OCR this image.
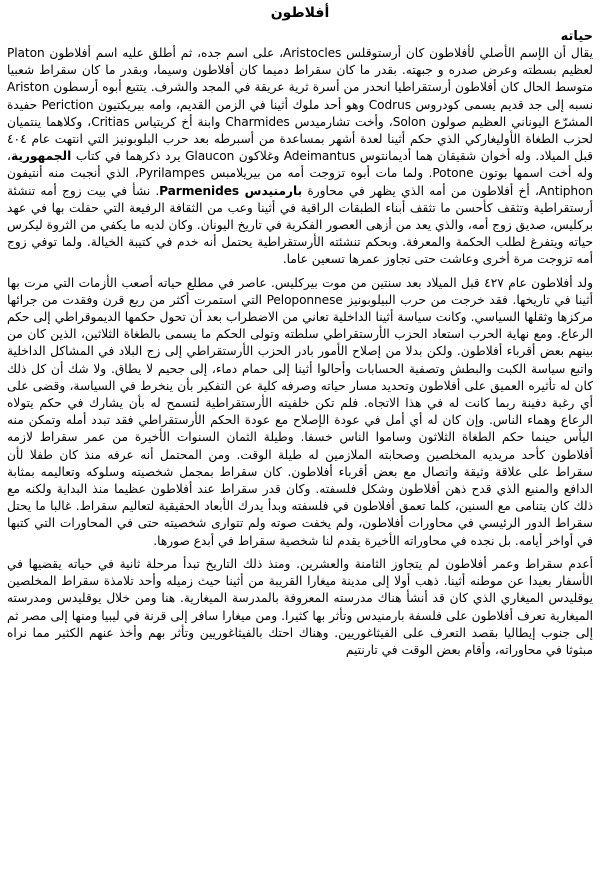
أفلاطون
حياته

يقال أن الإسم الأصلي لأفلاطون كان أرستوقلس Aristocles، على اسم جده، ثم أطلق عليه اسم أفلاطون Platon لعظيم بسطته وعرض صدره و جبهته. بقدر ما كان سقراط دميما كان أفلاطون وسيما، وبقدر ما كان سقراط شعبيا متوسط الحال كان أفلاطون أرستقراطيا انحدر من أسرة ثرية عريقة في المجد والشرف. يتتبع أبوه أرسطون Ariston نسبه إلى جد قديم يسمى كودروس Codrus وهو أحد ملوك أثينا في الزمن القديم، وامه بيريكتيون Periction حفيدة المشرّع اليوناني العظيم صولون Solon، وأخت تشارميدس Charmides وابنة أخ كريتياس Critias، وكلاهما ينتميان لحزب الطغاة الأوليغاركي الذي حكم أثينا لعدة أشهر بمساعدة من أسبرطه بعد حرب البلوبونيز التي انتهت عام ٤٠٤ قبل الميلاد. وله أخوان شقيقان هما أديمانتوس Adeimantus وغلاكون Glaucon يرد ذكرهما في كتاب الجمهورية، وله أخت اسمها بوتون Potone. ولما مات أبوه تزوجت أمه من بيريلامبس Pyrilampes، الذي أنجبت منه أنتيفون Antiphon، أخ أفلاطون من أمه الذي يظهر في محاورة بارمنيدس Parmenides. نشأ في بيت زوج أمه تنشئة أرستقراطية وتثقف كأحسن ما تثقف أبناء الطبقات الراقية في أثينا وعب من الثقافة الرفيعة التي حفلت بها في عهد بركليس، صديق زوج أمه، والذي يعد من أزهى العصور الفكرية في تاريخ اليونان. وكان لديه ما يكفي من الثروة ليكرس حياته ويتفرغ لطلب الحكمة والمعرفة. وبحكم تنشئته الأرستقراطية يحتمل أنه خدم في كتيبة الخيالة. ولما توفي زوج أمه تزوجت مرة أخرى وعاشت حتى تجاوز عمرها تسعين عاما.

ولد أفلاطون عام ٤٢٧ قبل الميلاد بعد سنتين من موت بيركليس. عاصر في مطلع حياته أصعب الأزمات التي مرت بها أثينا في تاريخها. فقد خرجت من حرب البيلوبونيز Peloponnese التي استمرت أكثر من ربع قرن وفقدت من جرائها مركزها وثقلها السياسي. وكانت سياسة أثينا الداخلية تعاني من الاضطراب بعد أن تحول حكمها الديموقراطي إلى حكم الرعاع. ومع نهاية الحرب استعاد الحزب الأرستقراطي سلطته وتولى الحكم ما يسمى بالطغاة الثلاثين، الذين كان من بينهم بعض أقرباء أفلاطون. ولكن بدلا من إصلاح الأمور بادر الحزب الأرستقراطي إلى زج البلاد في المشاكل الداخلية واتبع سياسة الكبت والبطش وتصفية الحسابات وأحالوا أثينا إلى حمام دماء، إلى جحيم لا يطاق. ولا شك أن كل ذلك كان له تأثيره العميق على أفلاطون وتحديد مسار حياته وصرفه كلية عن التفكير بأن ينخرط في السياسة، وقضى على أي رغبة دفينة ربما كانت له في هذا الاتجاه. فلم تكن خلفيته الأرستقراطية لتسمح له بأن يشارك في حكم يتولاه الرعاع وهماء الناس. وإن كان له أي أمل في عودة الإصلاح مع عودة الحكم الأرستقراطي فقد تبدد أمله وتمكن منه اليأس حينما حكم الطغاة الثلاثون وساموا الناس خسفا. وطيلة الثمان السنوات الأخيرة من عمر سقراط لازمه أفلاطون كأحد مريديه المخلصين وصحابته الملازمين له طيلة الوقت. ومن المحتمل أنه عرفه منذ كان طفلا لأن سقراط على علاقة وثيقة واتصال مع بعض أقرباء أفلاطون. كان سقراط بمجمل شخصيته وسلوكه وتعاليمه بمثابة الدافع والمنبع الذي قدح ذهن أفلاطون وشكل فلسفته. وكان قدر سقراط عند أفلاطون عظيما منذ البداية ولكنه مع ذلك كان يتنامى مع السنين، كلما تعمق أفلاطون في فلسفته وبدأ يدرك الأبعاد الحقيقية لتعاليم سقراط. غالبا ما يحتل سقراط الدور الرئيسي في محاورات أفلاطون، ولم يخفت صوته ولم تتوارى شخصيته حتى في المحاورات التي كتبها في أواخر أيامه. بل نجده في محاوراته الأخيرة يقدم لنا شخصية سقراط في أبدع صورها.

أعدم سقراط وعمر أفلاطون لم يتجاوز الثامنة والعشرين. ومنذ ذلك التاريخ تبدأ مرحلة ثانية في حياته يقضيها في الأسفار بعيدا عن موطنه أثينا. ذهب أولا إلى مدينة ميغارا القريبة من أثينا حيث زميله وأحد تلامذة سقراط المخلصين يوقليدس الميغاري الذي كان قد أنشأ هناك مدرسته المعروفة بالمدرسة الميغارية. هنا ومن خلال يوقليدس ومدرسته الميغارية تعرف أفلاطون على فلسفة بارمنيدس وتأثر بها كثيرا. ومن ميغارا سافر إلى قرنة في ليبيا ومنها إلى مصر ثم إلى جنوب إيطاليا بقصد التعرف على الفيثاغوريين. وهناك احتك بالفيثاغوريين وتأثر بهم وأخذ عنهم الكثير مما نراه مبثوثا في محاوراته، وأقام بعض الوقت في تارنتيم
